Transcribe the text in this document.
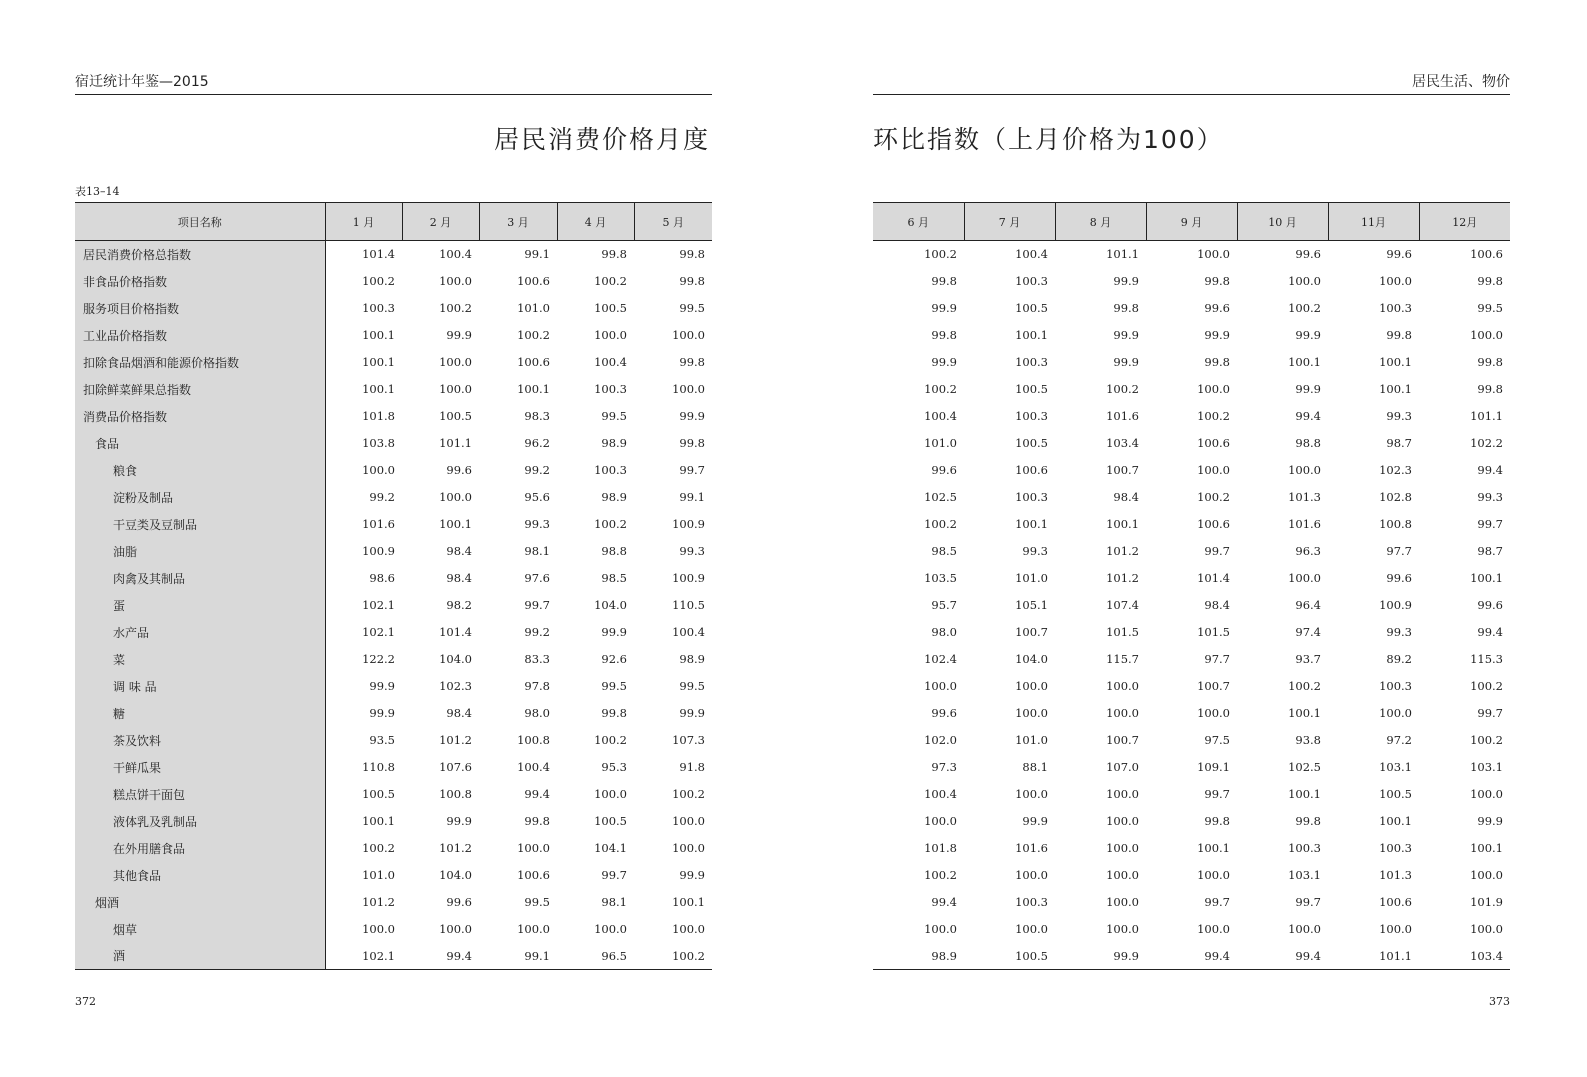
宿迁统计年鉴—2015
居民消费价格月度
表13–14
项目名称	1 月	2 月	3 月	4 月	5 月
居民消费价格总指数	101.4	100.4	99.1	99.8	99.8
非食品价格指数	100.2	100.0	100.6	100.2	99.8
服务项目价格指数	100.3	100.2	101.0	100.5	99.5
工业品价格指数	100.1	99.9	100.2	100.0	100.0
扣除食品烟酒和能源价格指数	100.1	100.0	100.6	100.4	99.8
扣除鲜菜鲜果总指数	100.1	100.0	100.1	100.3	100.0
消费品价格指数	101.8	100.5	98.3	99.5	99.9
食品	103.8	101.1	96.2	98.9	99.8
粮食	100.0	99.6	99.2	100.3	99.7
淀粉及制品	99.2	100.0	95.6	98.9	99.1
干豆类及豆制品	101.6	100.1	99.3	100.2	100.9
油脂	100.9	98.4	98.1	98.8	99.3
肉禽及其制品	98.6	98.4	97.6	98.5	100.9
蛋	102.1	98.2	99.7	104.0	110.5
水产品	102.1	101.4	99.2	99.9	100.4
菜	122.2	104.0	83.3	92.6	98.9
调 味 品	99.9	102.3	97.8	99.5	99.5
糖	99.9	98.4	98.0	99.8	99.9
茶及饮料	93.5	101.2	100.8	100.2	107.3
干鲜瓜果	110.8	107.6	100.4	95.3	91.8
糕点饼干面包	100.5	100.8	99.4	100.0	100.2
液体乳及乳制品	100.1	99.9	99.8	100.5	100.0
在外用膳食品	100.2	101.2	100.0	104.1	100.0
其他食品	101.0	104.0	100.6	99.7	99.9
烟酒	101.2	99.6	99.5	98.1	100.1
烟草	100.0	100.0	100.0	100.0	100.0
酒	102.1	99.4	99.1	96.5	100.2
372
居民生活、物价
环比指数（上月价格为100）
6 月	7 月	8 月	9 月	10 月	11月	12月
100.2	100.4	101.1	100.0	99.6	99.6	100.6
99.8	100.3	99.9	99.8	100.0	100.0	99.8
99.9	100.5	99.8	99.6	100.2	100.3	99.5
99.8	100.1	99.9	99.9	99.9	99.8	100.0
99.9	100.3	99.9	99.8	100.1	100.1	99.8
100.2	100.5	100.2	100.0	99.9	100.1	99.8
100.4	100.3	101.6	100.2	99.4	99.3	101.1
101.0	100.5	103.4	100.6	98.8	98.7	102.2
99.6	100.6	100.7	100.0	100.0	102.3	99.4
102.5	100.3	98.4	100.2	101.3	102.8	99.3
100.2	100.1	100.1	100.6	101.6	100.8	99.7
98.5	99.3	101.2	99.7	96.3	97.7	98.7
103.5	101.0	101.2	101.4	100.0	99.6	100.1
95.7	105.1	107.4	98.4	96.4	100.9	99.6
98.0	100.7	101.5	101.5	97.4	99.3	99.4
102.4	104.0	115.7	97.7	93.7	89.2	115.3
100.0	100.0	100.0	100.7	100.2	100.3	100.2
99.6	100.0	100.0	100.0	100.1	100.0	99.7
102.0	101.0	100.7	97.5	93.8	97.2	100.2
97.3	88.1	107.0	109.1	102.5	103.1	103.1
100.4	100.0	100.0	99.7	100.1	100.5	100.0
100.0	99.9	100.0	99.8	99.8	100.1	99.9
101.8	101.6	100.0	100.1	100.3	100.3	100.1
100.2	100.0	100.0	100.0	103.1	101.3	100.0
99.4	100.3	100.0	99.7	99.7	100.6	101.9
100.0	100.0	100.0	100.0	100.0	100.0	100.0
98.9	100.5	99.9	99.4	99.4	101.1	103.4
373
